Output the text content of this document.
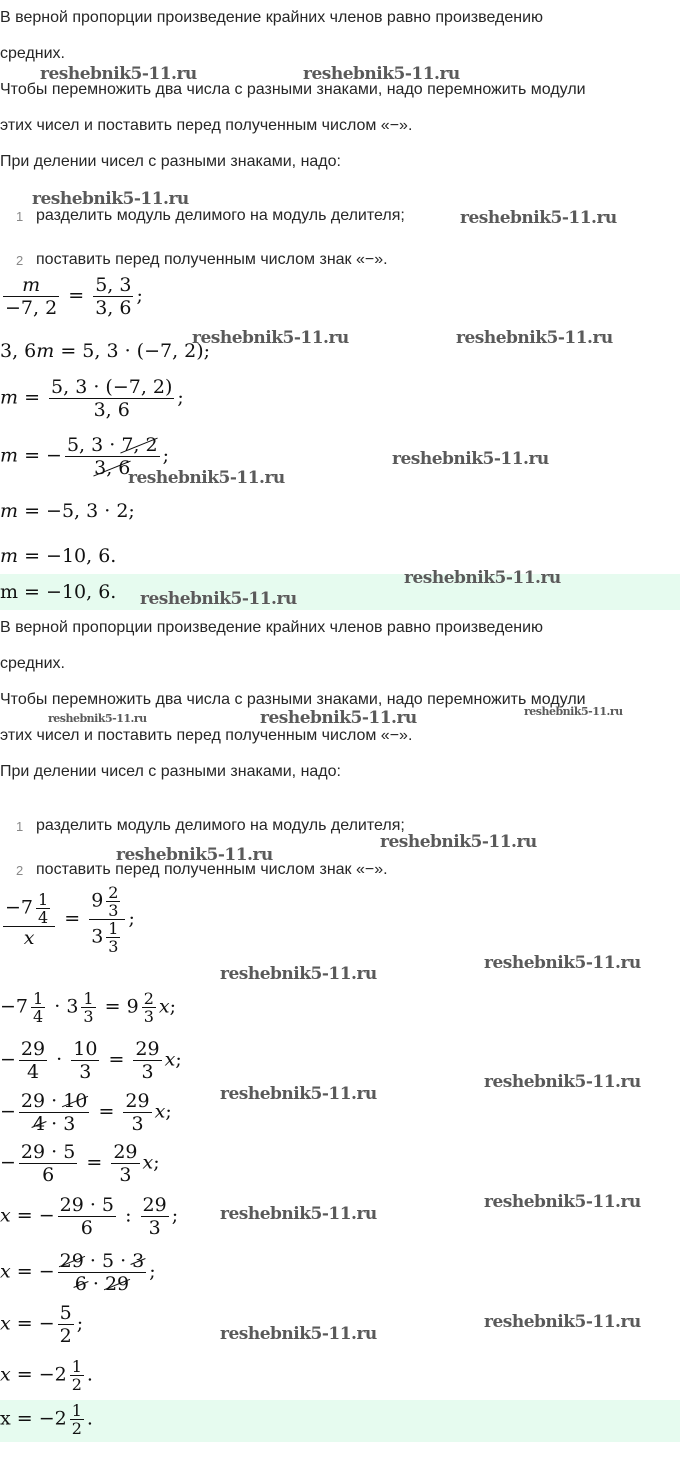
В верной пропорции произведение крайних членов равно произведению
средних.
Чтобы перемножить два числа с разными знаками, надо перемножить модули
этих чисел и поставить перед полученным числом «−».
При делении чисел с разными знаками, надо:
1 разделить модуль делимого на модуль делителя;
2 поставить перед полученным числом знак «−».
$\frac{m}{-7, 2} = \frac{5, 3}{3, 6}$ ;
3, 6m = 5, 3 · (−7, 2);
$m = \frac{5, 3 \cdot (-7, 2)}{3, 6}$ ;
m = − $\frac{5, 3 \cdot 7, 2}{3, 6}$ ;
m = −5, 3 · 2;
m = −10, 6.
m = −10, 6.
В верной пропорции произведение крайних членов равно произведению
средних.
Чтобы перемножить два числа с разными знаками, надо перемножить модули
этих чисел и поставить перед полученным числом «−».
При делении чисел с разными знаками, надо:
1 разделить модуль делимого на модуль делителя;
2 поставить перед полученным числом знак «−».
$\frac{-7 \frac{1}{4}}{x} = \frac{9 \frac{2}{3}}{3 \frac{1}{3}}$ ;
$-7 \frac{1}{4} \cdot 3 \frac{1}{3} = 9 \frac{2}{3} x$;
− $\frac{29}{4} \cdot \frac{10}{3} = \frac{29}{3} x$;
− $\frac{29 \cdot 10}{4 \cdot 3} = \frac{29}{3} x$;
− $\frac{29 \cdot 5}{6} = \frac{29}{3} x$;
x = − $\frac{29 \cdot 5}{6}$ : $\frac{29}{3}$ ;
x = − $\frac{29 \cdot 5 \cdot 3}{6 \cdot 29}$ ;
x = − $\frac{5}{2}$ ;
$x = -2 \frac{1}{2}$ .
$x = -2 \frac{1}{2}$ .
reshebnik5-11.ru	reshebnik5-11.ru
reshebnik5-11.ru
reshebnik5-11.ru
reshebnik5-11.ru	reshebnik5-11.ru
reshebnik5-11.ru
reshebnik5-11.ru
reshebnik5-11.ru
reshebnik5-11.ru
reshebnik5-11.ru	reshebnik5-11.ru	reshebnik5-11.ru
reshebnik5-11.ru
reshebnik5-11.ru
reshebnik5-11.ru
reshebnik5-11.ru
reshebnik5-11.ru
reshebnik5-11.ru
reshebnik5-11.ru
reshebnik5-11.ru
reshebnik5-11.ru
reshebnik5-11.ru
